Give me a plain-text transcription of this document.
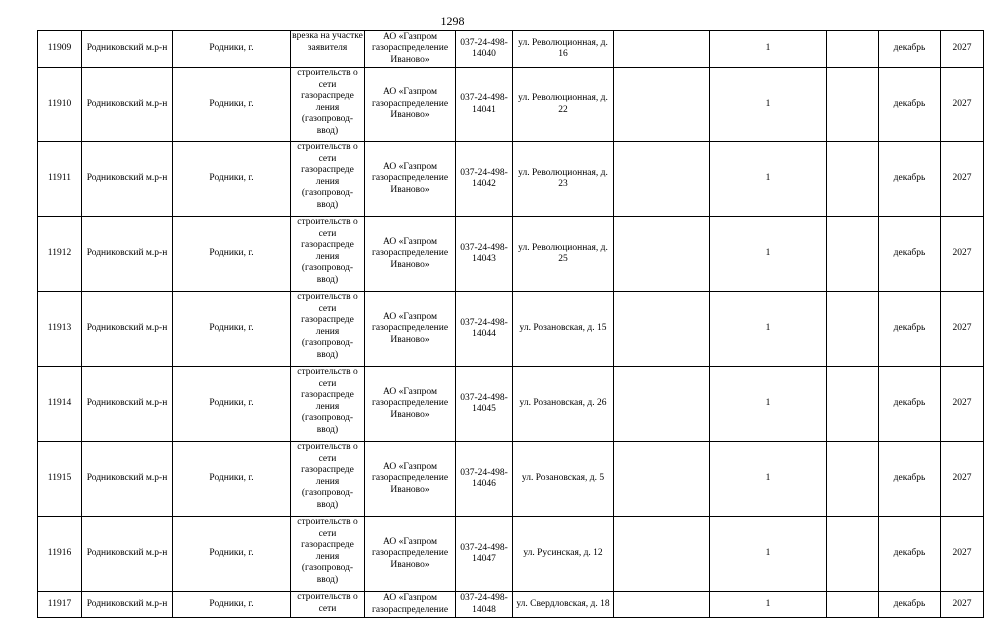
1298
11909	Родниковский м.р-н	Родники, г.	врезка на участке заявителя	АО «Газпром газораспределение Иваново»	037-24-498-14040	ул. Революционная, д. 16		1		декабрь	2027
11910	Родниковский м.р-н	Родники, г.	строительств о сети газораспреде ления (газопровод-ввод)	АО «Газпром газораспределение Иваново»	037-24-498-14041	ул. Революционная, д. 22		1		декабрь	2027
11911	Родниковский м.р-н	Родники, г.	строительств о сети газораспреде ления (газопровод-ввод)	АО «Газпром газораспределение Иваново»	037-24-498-14042	ул. Революционная, д. 23		1		декабрь	2027
11912	Родниковский м.р-н	Родники, г.	строительств о сети газораспреде ления (газопровод-ввод)	АО «Газпром газораспределение Иваново»	037-24-498-14043	ул. Революционная, д. 25		1		декабрь	2027
11913	Родниковский м.р-н	Родники, г.	строительств о сети газораспреде ления (газопровод-ввод)	АО «Газпром газораспределение Иваново»	037-24-498-14044	ул. Розановская, д. 15		1		декабрь	2027
11914	Родниковский м.р-н	Родники, г.	строительств о сети газораспреде ления (газопровод-ввод)	АО «Газпром газораспределение Иваново»	037-24-498-14045	ул. Розановская, д. 26		1		декабрь	2027
11915	Родниковский м.р-н	Родники, г.	строительств о сети газораспреде ления (газопровод-ввод)	АО «Газпром газораспределение Иваново»	037-24-498-14046	ул. Розановская, д. 5		1		декабрь	2027
11916	Родниковский м.р-н	Родники, г.	строительств о сети газораспреде ления (газопровод-ввод)	АО «Газпром газораспределение Иваново»	037-24-498-14047	ул. Русинская, д. 12		1		декабрь	2027
11917	Родниковский м.р-н	Родники, г.	строительств о сети	АО «Газпром газораспределение	037-24-498-14048	ул. Свердловская, д. 18		1		декабрь	2027
